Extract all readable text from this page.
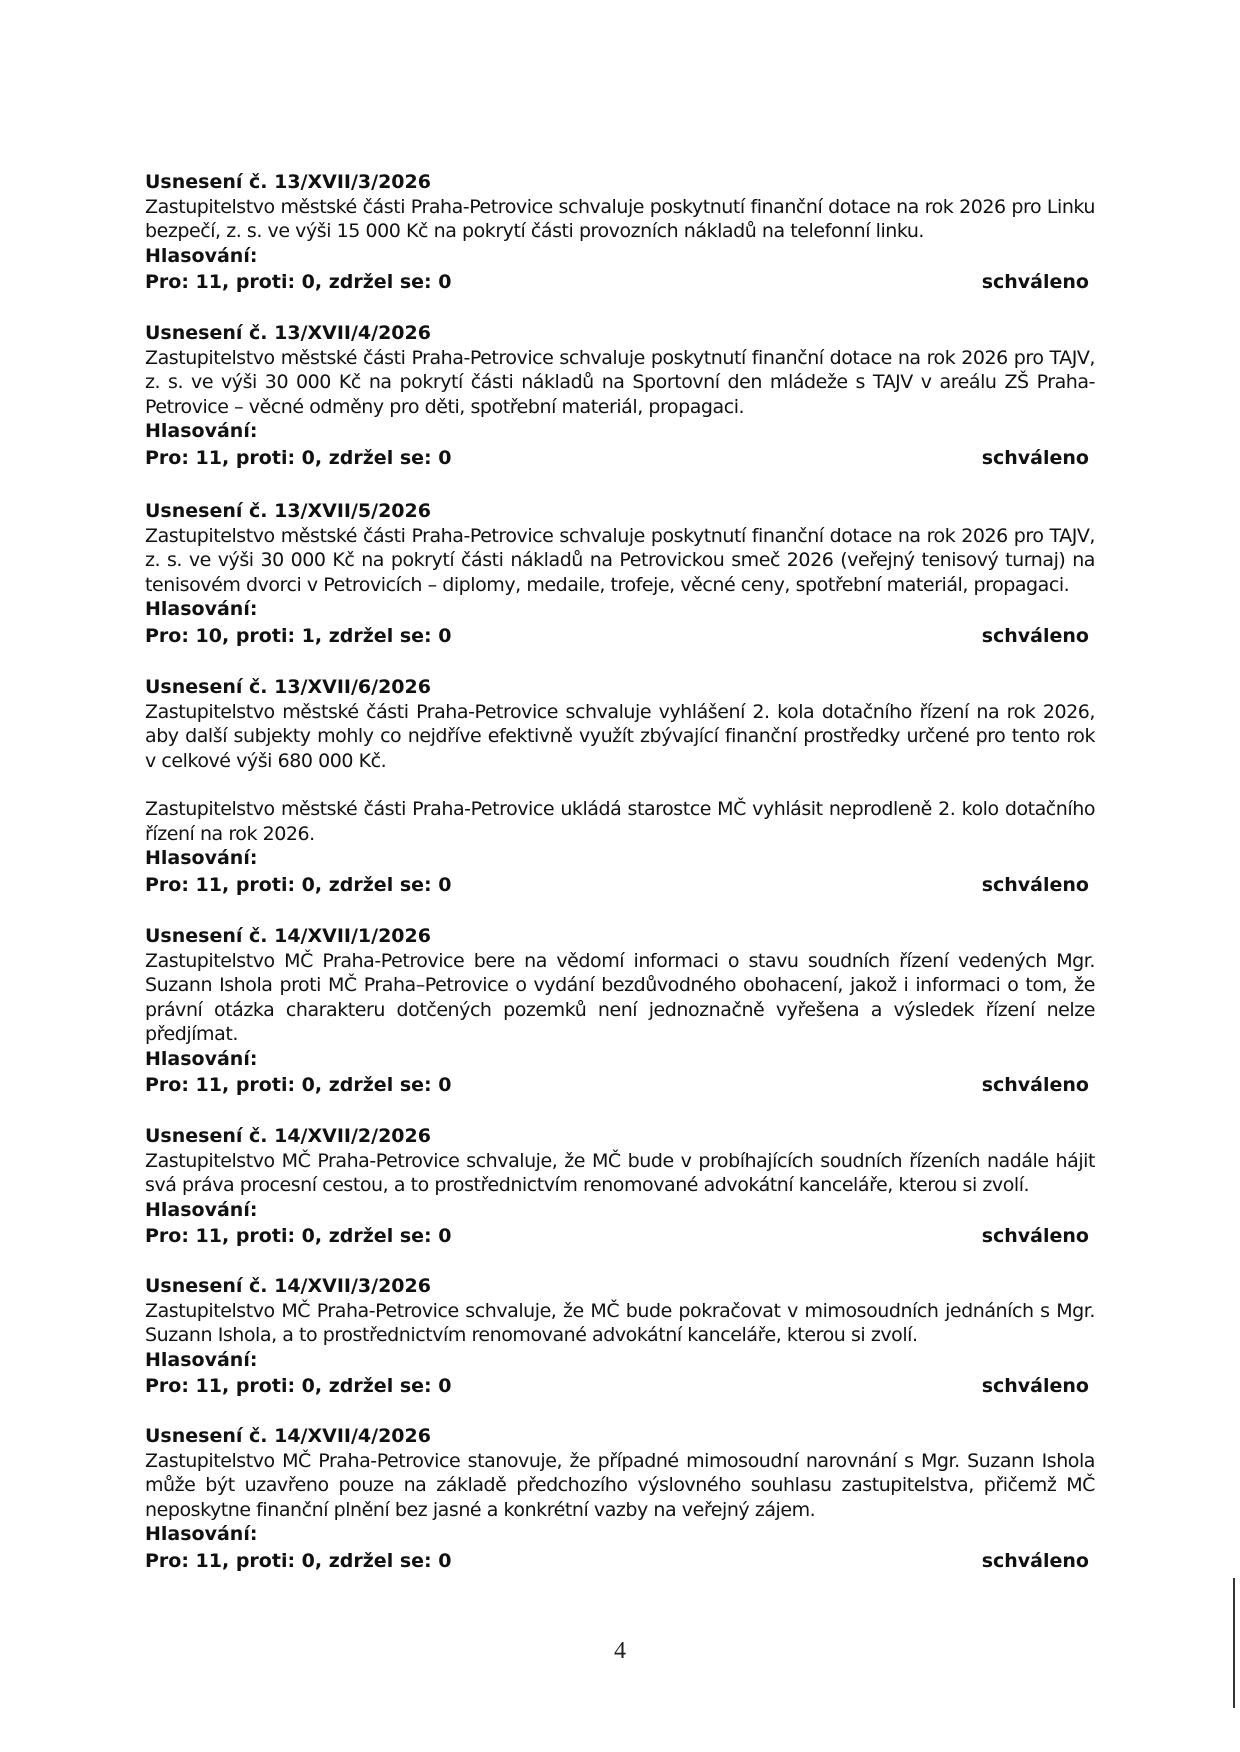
Usnesení č. 13/XVII/3/2026

Zastupitelstvo městské části Praha-Petrovice schvaluje poskytnutí finanční dotace na rok 2026 pro Linku bezpečí, z. s. ve výši 15 000 Kč na pokrytí části provozních nákladů na telefonní linku.

Hlasování:

Pro: 11, proti: 0, zdržel se: 0	schváleno

Usnesení č. 13/XVII/4/2026

Zastupitelstvo městské části Praha-Petrovice schvaluje poskytnutí finanční dotace na rok 2026 pro TAJV, z. s. ve výši 30 000 Kč na pokrytí části nákladů na Sportovní den mládeže s TAJV v areálu ZŠ Praha-Petrovice – věcné odměny pro děti, spotřební materiál, propagaci.

Hlasování:

Pro: 11, proti: 0, zdržel se: 0	schváleno

Usnesení č. 13/XVII/5/2026

Zastupitelstvo městské části Praha-Petrovice schvaluje poskytnutí finanční dotace na rok 2026 pro TAJV, z. s. ve výši 30 000 Kč na pokrytí části nákladů na Petrovickou smeč 2026 (veřejný tenisový turnaj) na tenisovém dvorci v Petrovicích – diplomy, medaile, trofeje, věcné ceny, spotřební materiál, propagaci.

Hlasování:

Pro: 10, proti: 1, zdržel se: 0	schváleno

Usnesení č. 13/XVII/6/2026

Zastupitelstvo městské části Praha-Petrovice schvaluje vyhlášení 2. kola dotačního řízení na rok 2026, aby další subjekty mohly co nejdříve efektivně využít zbývající finanční prostředky určené pro tento rok v celkové výši 680 000 Kč.

Zastupitelstvo městské části Praha-Petrovice ukládá starostce MČ vyhlásit neprodleně 2. kolo dotačního řízení na rok 2026.

Hlasování:

Pro: 11, proti: 0, zdržel se: 0	schváleno

Usnesení č. 14/XVII/1/2026

Zastupitelstvo MČ Praha-Petrovice bere na vědomí informaci o stavu soudních řízení vedených Mgr. Suzann Ishola proti MČ Praha–Petrovice o vydání bezdůvodného obohacení, jakož i informaci o tom, že právní otázka charakteru dotčených pozemků není jednoznačně vyřešena a výsledek řízení nelze předjímat.

Hlasování:

Pro: 11, proti: 0, zdržel se: 0	schváleno

Usnesení č. 14/XVII/2/2026

Zastupitelstvo MČ Praha-Petrovice schvaluje, že MČ bude v probíhajících soudních řízeních nadále hájit svá práva procesní cestou, a to prostřednictvím renomované advokátní kanceláře, kterou si zvolí.

Hlasování:

Pro: 11, proti: 0, zdržel se: 0	schváleno

Usnesení č. 14/XVII/3/2026

Zastupitelstvo MČ Praha-Petrovice schvaluje, že MČ bude pokračovat v mimosoudních jednáních s Mgr. Suzann Ishola, a to prostřednictvím renomované advokátní kanceláře, kterou si zvolí.

Hlasování:

Pro: 11, proti: 0, zdržel se: 0	schváleno

Usnesení č. 14/XVII/4/2026

Zastupitelstvo MČ Praha-Petrovice stanovuje, že případné mimosoudní narovnání s Mgr. Suzann Ishola může být uzavřeno pouze na základě předchozího výslovného souhlasu zastupitelstva, přičemž MČ neposkytne finanční plnění bez jasné a konkrétní vazby na veřejný zájem.

Hlasování:

Pro: 11, proti: 0, zdržel se: 0	schváleno
4
